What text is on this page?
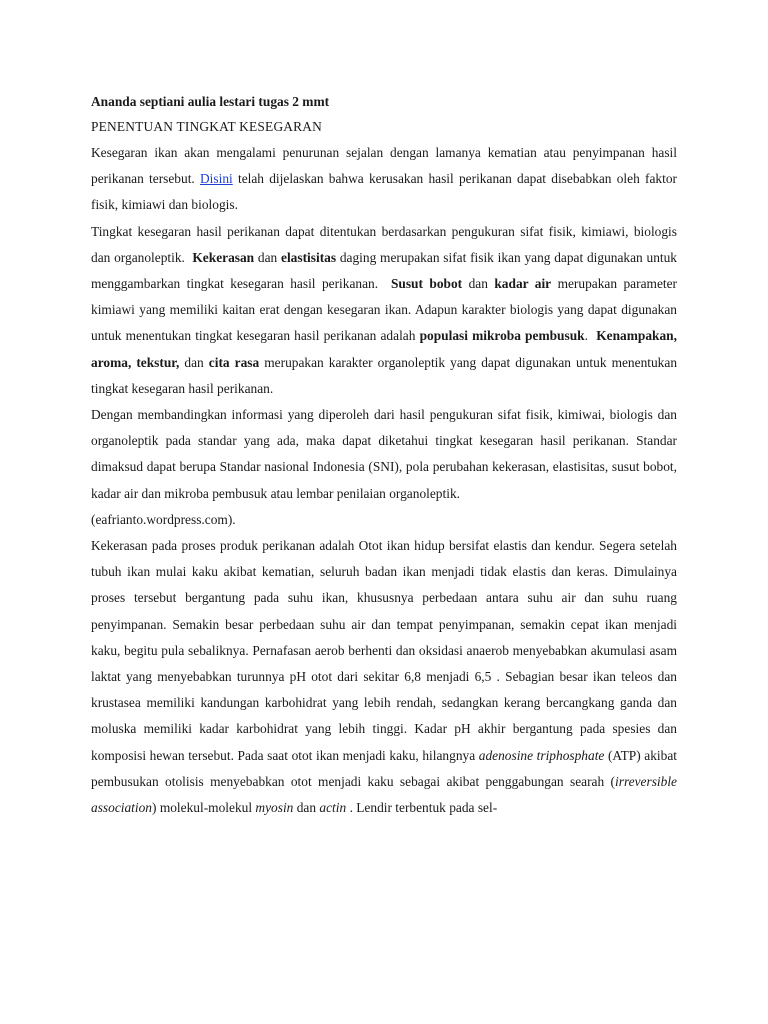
Ananda septiani aulia lestari tugas 2 mmt

PENENTUAN TINGKAT KESEGARAN

Kesegaran ikan akan mengalami penurunan sejalan dengan lamanya kematian atau penyimpanan hasil perikanan tersebut. Disini telah dijelaskan bahwa kerusakan hasil perikanan dapat disebabkan oleh faktor fisik, kimiawi dan biologis.

Tingkat kesegaran hasil perikanan dapat ditentukan berdasarkan pengukuran sifat fisik, kimiawi, biologis dan organoleptik. Kekerasan dan elastisitas daging merupakan sifat fisik ikan yang dapat digunakan untuk menggambarkan tingkat kesegaran hasil perikanan. Susut bobot dan kadar air merupakan parameter kimiawi yang memiliki kaitan erat dengan kesegaran ikan. Adapun karakter biologis yang dapat digunakan untuk menentukan tingkat kesegaran hasil perikanan adalah populasi mikroba pembusuk. Kenampakan, aroma, tekstur, dan cita rasa merupakan karakter organoleptik yang dapat digunakan untuk menentukan tingkat kesegaran hasil perikanan.

Dengan membandingkan informasi yang diperoleh dari hasil pengukuran sifat fisik, kimiwai, biologis dan organoleptik pada standar yang ada, maka dapat diketahui tingkat kesegaran hasil perikanan. Standar dimaksud dapat berupa Standar nasional Indonesia (SNI), pola perubahan kekerasan, elastisitas, susut bobot, kadar air dan mikroba pembusuk atau lembar penilaian organoleptik.

(eafrianto.wordpress.com).

Kekerasan pada proses produk perikanan adalah Otot ikan hidup bersifat elastis dan kendur. Segera setelah tubuh ikan mulai kaku akibat kematian, seluruh badan ikan menjadi tidak elastis dan keras. Dimulainya proses tersebut bergantung pada suhu ikan, khususnya perbedaan antara suhu air dan suhu ruang penyimpanan. Semakin besar perbedaan suhu air dan tempat penyimpanan, semakin cepat ikan menjadi kaku, begitu pula sebaliknya. Pernafasan aerob berhenti dan oksidasi anaerob menyebabkan akumulasi asam laktat yang menyebabkan turunnya pH otot dari sekitar 6,8 menjadi 6,5 . Sebagian besar ikan teleos dan krustasea memiliki kandungan karbohidrat yang lebih rendah, sedangkan kerang bercangkang ganda dan moluska memiliki kadar karbohidrat yang lebih tinggi. Kadar pH akhir bergantung pada spesies dan komposisi hewan tersebut. Pada saat otot ikan menjadi kaku, hilangnya adenosine triphosphate (ATP) akibat pembusukan otolisis menyebabkan otot menjadi kaku sebagai akibat penggabungan searah (irreversible association) molekul-molekul myosin dan actin . Lendir terbentuk pada sel-
